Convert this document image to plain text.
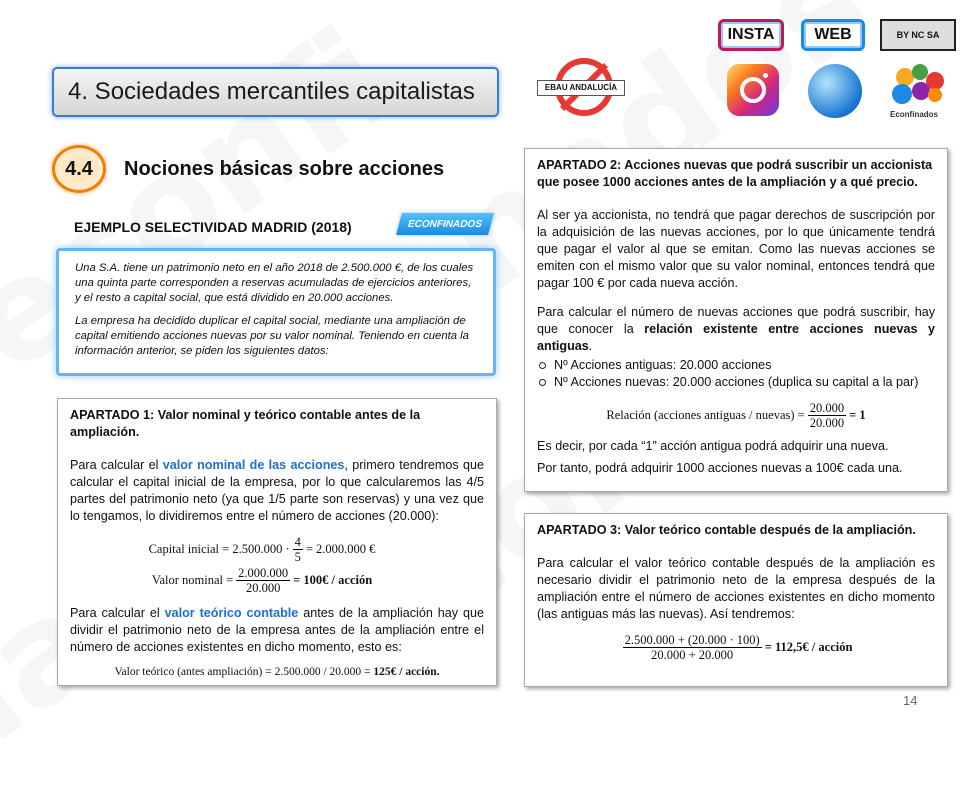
4. Sociedades mercantiles capitalistas	EBAU ANDALUCÍA
INSTA	WEB	BY NC SA
Econfinados
4.4	Nociones básicas sobre acciones
EJEMPLO SELECTIVIDAD MADRID (2018)	ECONFINADOS

Una S.A. tiene un patrimonio neto en el año 2018 de 2.500.000 €, de los cuales una quinta parte corresponden a reservas acumuladas de ejercicios anteriores, y el resto a capital social, que está dividido en 20.000 acciones.

La empresa ha decidido duplicar el capital social, mediante una ampliación de capital emitiendo acciones nuevas por su valor nominal. Teniendo en cuenta la información anterior, se piden los siguientes datos:

APARTADO 1: Valor nominal y teórico contable antes de la ampliación.

Para calcular el valor nominal de las acciones, primero tendremos que calcular el capital inicial de la empresa, por lo que calcularemos las 4/5 partes del patrimonio neto (ya que 1/5 parte son reservas) y una vez que lo tengamos, lo dividiremos entre el número de acciones (20.000):

Capital inicial = $2.500.000 \cdot \frac{4}{5} = 2.000.000$ €
Valor nominal = $\frac{2.000.000}{20.000}$ = 100€ / acción

Para calcular el valor teórico contable antes de la ampliación hay que dividir el patrimonio neto de la empresa antes de la ampliación entre el número de acciones existentes en dicho momento, esto es:

Valor teórico (antes ampliación) = 2.500.000 / 20.000 =
125€ / acción.
APARTADO 2: Acciones nuevas que podrá suscribir un accionista que posee 1000 acciones antes de la ampliación y a qué precio.

Al ser ya accionista, no tendrá que pagar derechos de suscripción por la adquisición de las nuevas acciones, por lo que únicamente tendrá que pagar el valor al que se emitan. Como las nuevas acciones se emiten con el mismo valor que su valor nominal, entonces tendrá que pagar 100 € por cada nueva acción.

Para calcular el número de nuevas acciones que podrá suscribir, hay que conocer la relación existente entre acciones nuevas y antiguas.

Nº Acciones antiguas: 20.000 acciones
Nº Acciones nuevas: 20.000 acciones (duplica su capital a la par)
Relación (acciones antiguas / nuevas) = $\frac{20.000}{20.000} = 1$

Es decir, por cada “1” acción antigua podrá adquirir una nueva.

Por tanto, podrá adquirir 1000 acciones nuevas a 100€ cada una.

APARTADO 3: Valor teórico contable después de la ampliación.

Para calcular el valor teórico contable después de la ampliación es necesario dividir el patrimonio neto de la empresa después de la ampliación entre el número de acciones existentes en dicho momento (las antiguas más las nuevas). Así tendremos:

$\frac{2.500.000 + (20.000 \cdot 100)}{20.000 + 20.000}$ = 112,5€ / acción
14
